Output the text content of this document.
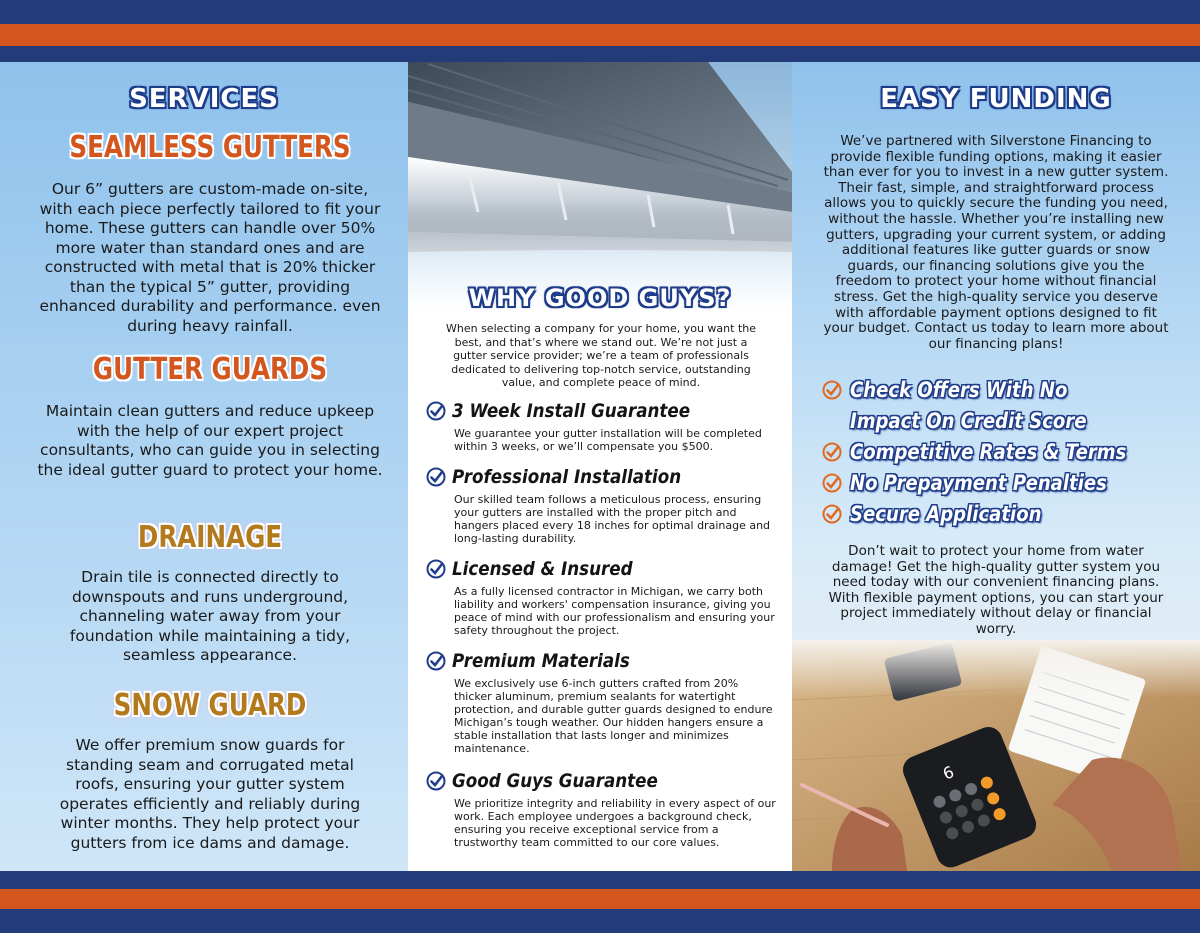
SERVICES
SEAMLESS GUTTERS

Our 6” gutters are custom-made on-site, with each piece perfectly tailored to fit your home. These gutters can handle over 50% more water than standard ones and are constructed with metal that is 20% thicker than the typical 5” gutter, providing enhanced durability and performance. even during heavy rainfall.

GUTTER GUARDS

Maintain clean gutters and reduce upkeep with the help of our expert project consultants, who can guide you in selecting the ideal gutter guard to protect your home.

DRAINAGE

Drain tile is connected directly to downspouts and runs underground, channeling water away from your foundation while maintaining a tidy, seamless appearance.

SNOW GUARD

We offer premium snow guards for standing seam and corrugated metal roofs, ensuring your gutter system operates efficiently and reliably during winter months. They help protect your gutters from ice dams and damage.

WHY GOOD GUYS?

When selecting a company for your home, you want the best, and that’s where we stand out. We’re not just a gutter service provider; we’re a team of professionals dedicated to delivering top-notch service, outstanding value, and complete peace of mind.

3 Week Install Guarantee

We guarantee your gutter installation will be completed within 3 weeks, or we’ll compensate you $500.

Professional Installation

Our skilled team follows a meticulous process, ensuring your gutters are installed with the proper pitch and hangers placed every 18 inches for optimal drainage and long-lasting durability.

Licensed & Insured

As a fully licensed contractor in Michigan, we carry both liability and workers' compensation insurance, giving you peace of mind with our professionalism and ensuring your safety throughout the project.

Premium Materials

We exclusively use 6-inch gutters crafted from 20% thicker aluminum, premium sealants for watertight protection, and durable gutter guards designed to endure Michigan’s tough weather. Our hidden hangers ensure a stable installation that lasts longer and minimizes maintenance.

Good Guys Guarantee

We prioritize integrity and reliability in every aspect of our work. Each employee undergoes a background check, ensuring you receive exceptional service from a trustworthy team committed to our core values.

EASY FUNDING

We’ve partnered with Silverstone Financing to provide flexible funding options, making it easier than ever for you to invest in a new gutter system. Their fast, simple, and straightforward process allows you to quickly secure the funding you need, without the hassle. Whether you’re installing new gutters, upgrading your current system, or adding additional features like gutter guards or snow guards, our financing solutions give you the freedom to protect your home without financial stress. Get the high-quality service you deserve with affordable payment options designed to fit your budget. Contact us today to learn more about our financing plans!

Check Offers With No
Impact On Credit Score
Competitive Rates & Terms
No Prepayment Penalties
Secure Application

Don’t wait to protect your home from water damage! Get the high-quality gutter system you need today with our convenient financing plans. With flexible payment options, you can start your project immediately without delay or financial worry.
